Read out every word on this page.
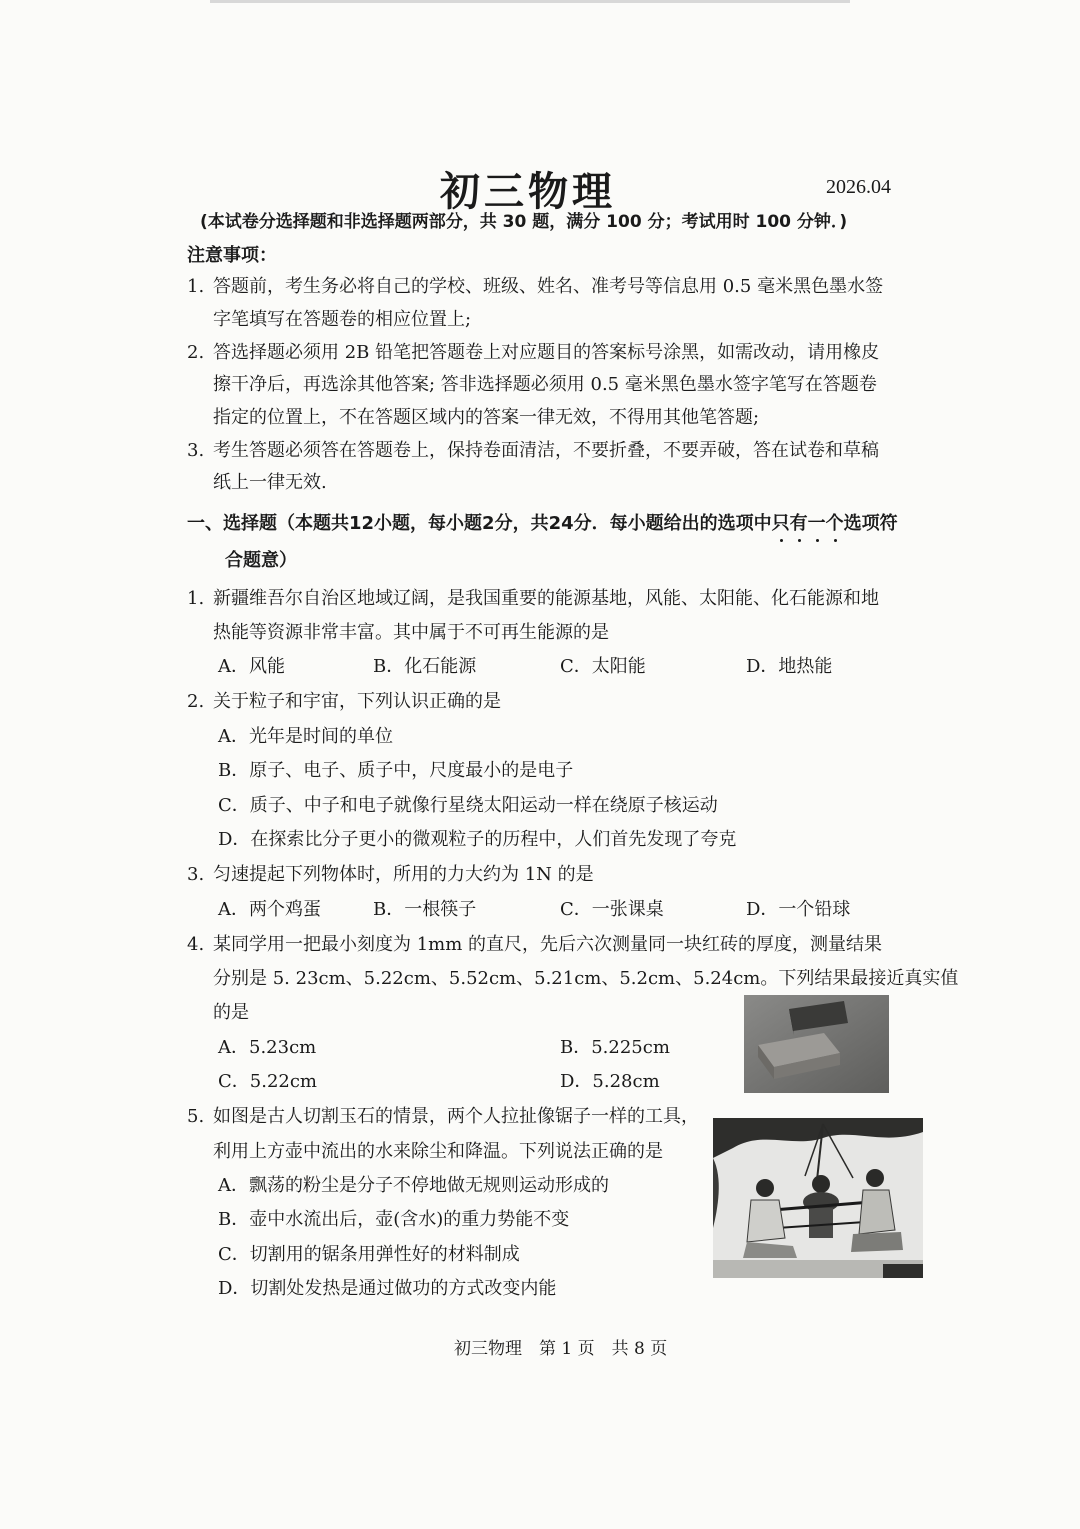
初三物理	2026.04
(本试卷分选择题和非选择题两部分，共 30 题，满分 100 分；考试用时 100 分钟．)
注意事项：
1. 答题前，考生务必将自己的学校、班级、姓名、准考号等信息用 0.5 毫米黑色墨水签
字笔填写在答题卷的相应位置上;
2. 答选择题必须用 2B 铅笔把答题卷上对应题目的答案标号涂黑，如需改动，请用橡皮
擦干净后，再选涂其他答案; 答非选择题必须用 0.5 毫米黑色墨水签字笔写在答题卷
指定的位置上，不在答题区域内的答案一律无效，不得用其他笔答题;
3. 考生答题必须答在答题卷上，保持卷面清洁，不要折叠，不要弄破，答在试卷和草稿
纸上一律无效.
一、选择题（本题共12小题，每小题2分，共24分．每小题给出的选项中只有一个选项符
合题意）
1. 新疆维吾尔自治区地域辽阔，是我国重要的能源基地，风能、太阳能、化石能源和地
热能等资源非常丰富。其中属于不可再生能源的是
A．风能	B．化石能源	C．太阳能	D．地热能
2. 关于粒子和宇宙，下列认识正确的是
A．光年是时间的单位
B．原子、电子、质子中，尺度最小的是电子
C．质子、中子和电子就像行星绕太阳运动一样在绕原子核运动
D．在探索比分子更小的微观粒子的历程中，人们首先发现了夸克
3. 匀速提起下列物体时，所用的力大约为 1N 的是
A．两个鸡蛋	B．一根筷子	C．一张课桌	D．一个铅球
4. 某同学用一把最小刻度为 1mm 的直尺，先后六次测量同一块红砖的厚度，测量结果
分别是 5. 23cm、5.22cm、5.52cm、5.21cm、5.2cm、5.24cm。下列结果最接近真实值
的是
A．5.23cm	B．5.225cm
C．5.22cm	D．5.28cm
5. 如图是古人切割玉石的情景，两个人拉扯像锯子一样的工具，
利用上方壶中流出的水来除尘和降温。下列说法正确的是
A．飘荡的粉尘是分子不停地做无规则运动形成的
B．壶中水流出后，壶(含水)的重力势能不变
C．切割用的锯条用弹性好的材料制成
D．切割处发热是通过做功的方式改变内能
初三物理　第 1 页　共 8 页
